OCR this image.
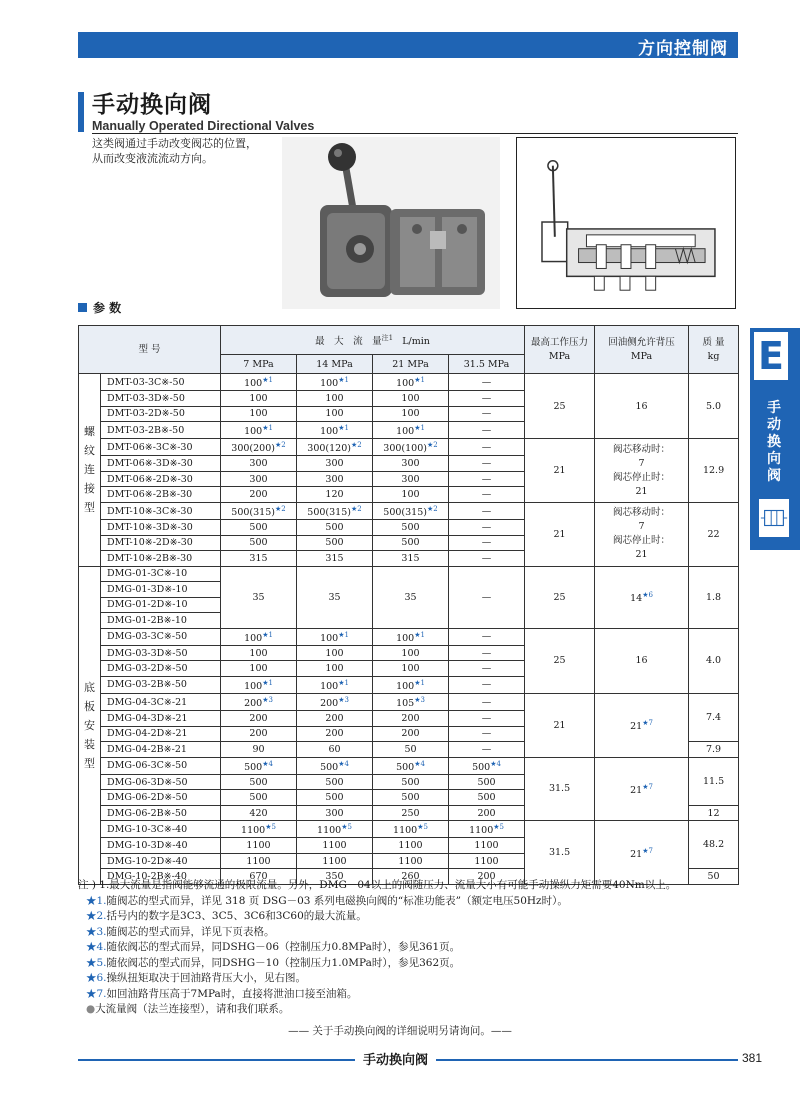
方向控制阀
手动换向阀
Manually Operated Directional Valves
这类阀通过手动改变阀芯的位置，从而改变液流流动方向。
参 数
型 号		最　大　流　量$^{注1}$ L/min				最高工作压力
MPa	回油侧允许背压
MPa	质 量
kg
		7 MPa	14 MPa	21 MPa	31.5 MPa			
螺纹连接型	DMT-03-3C※-50	$100^{★1}$	$100^{★1}$	$100^{★1}$	—	25	16	5.0
	DMT-03-3D※-50	100	100	100	—			
	DMT-03-2D※-50	100	100	100	—			
	DMT-03-2B※-50	$100^{★1}$	$100^{★1}$	$100^{★1}$	—			
	DMT-06※-3C※-30	$300(200)^{★2}$	$300(120)^{★2}$	$300(100)^{★2}$	—	21	阀芯移动时：
7
阀芯停止时：
21	12.9
	DMT-06※-3D※-30	300	300	300	—			
	DMT-06※-2D※-30	300	300	300	—			
	DMT-06※-2B※-30	200	120	100	—			
	DMT-10※-3C※-30	$500(315)^{★2}$	$500(315)^{★2}$	$500(315)^{★2}$	—	21	阀芯移动时：
7
阀芯停止时：
21	22
	DMT-10※-3D※-30	500	500	500	—			
	DMT-10※-2D※-30	500	500	500	—			
	DMT-10※-2B※-30	315	315	315	—			
底板安装型	DMG-01-3C※-10	35	35	35	—	25	$14^{★6}$	1.8
	DMG-01-3D※-10							
	DMG-01-2D※-10							
	DMG-01-2B※-10							
	DMG-03-3C※-50	$100^{★1}$	$100^{★1}$	$100^{★1}$	—	25	16	4.0
	DMG-03-3D※-50	100	100	100	—			
	DMG-03-2D※-50	100	100	100	—			
	DMG-03-2B※-50	$100^{★1}$	$100^{★1}$	$100^{★1}$	—			
	DMG-04-3C※-21	$200^{★3}$	$200^{★3}$	$105^{★3}$	—	21	$21^{★7}$	7.4
	DMG-04-3D※-21	200	200	200	—			
	DMG-04-2D※-21	200	200	200	—			
	DMG-04-2B※-21	90	60	50	—			7.9
	DMG-06-3C※-50	$500^{★4}$	$500^{★4}$	$500^{★4}$	$500^{★4}$	31.5	$21^{★7}$	11.5
	DMG-06-3D※-50	500	500	500	500			
	DMG-06-2D※-50	500	500	500	500			
	DMG-06-2B※-50	420	300	250	200			12
	DMG-10-3C※-40	$1100^{★5}$	$1100^{★5}$	$1100^{★5}$	$1100^{★5}$	31.5	$21^{★7}$	48.2
	DMG-10-3D※-40	1100	1100	1100	1100			
	DMG-10-2D※-40	1100	1100	1100	1100			
	DMG-10-2B※-40	670	350	260	200			50
E
手动换向阀
注 ) 1.最大流量是指阀能够流通的极限流量。另外，DMG－04以上的阀随压力、流量大小有可能手动操纵力矩需要40Nm以上。
★1.随阀芯的型式而异，详见 318 页 DSG－03 系列电磁换向阀的“标准功能表”（额定电压50Hz时）。
★2.括号内的数字是3C3、3C5、3C6和3C60的最大流量。
★3.随阀芯的型式而异，详见下页表格。
★4.随依阀芯的型式而异，同DSHG－06（控制压力0.8MPa时），参见361页。
★5.随依阀芯的型式而异，同DSHG－10（控制压力1.0MPa时），参见362页。
★6.操纵扭矩取决于回油路背压大小，见右图。
★7.如回油路背压高于7MPa时，直接将泄油口接至油箱。
●大流量阀（法兰连接型），请和我们联系。
—— 关于手动换向阀的详细说明另请询问。——
手动换向阀	381
